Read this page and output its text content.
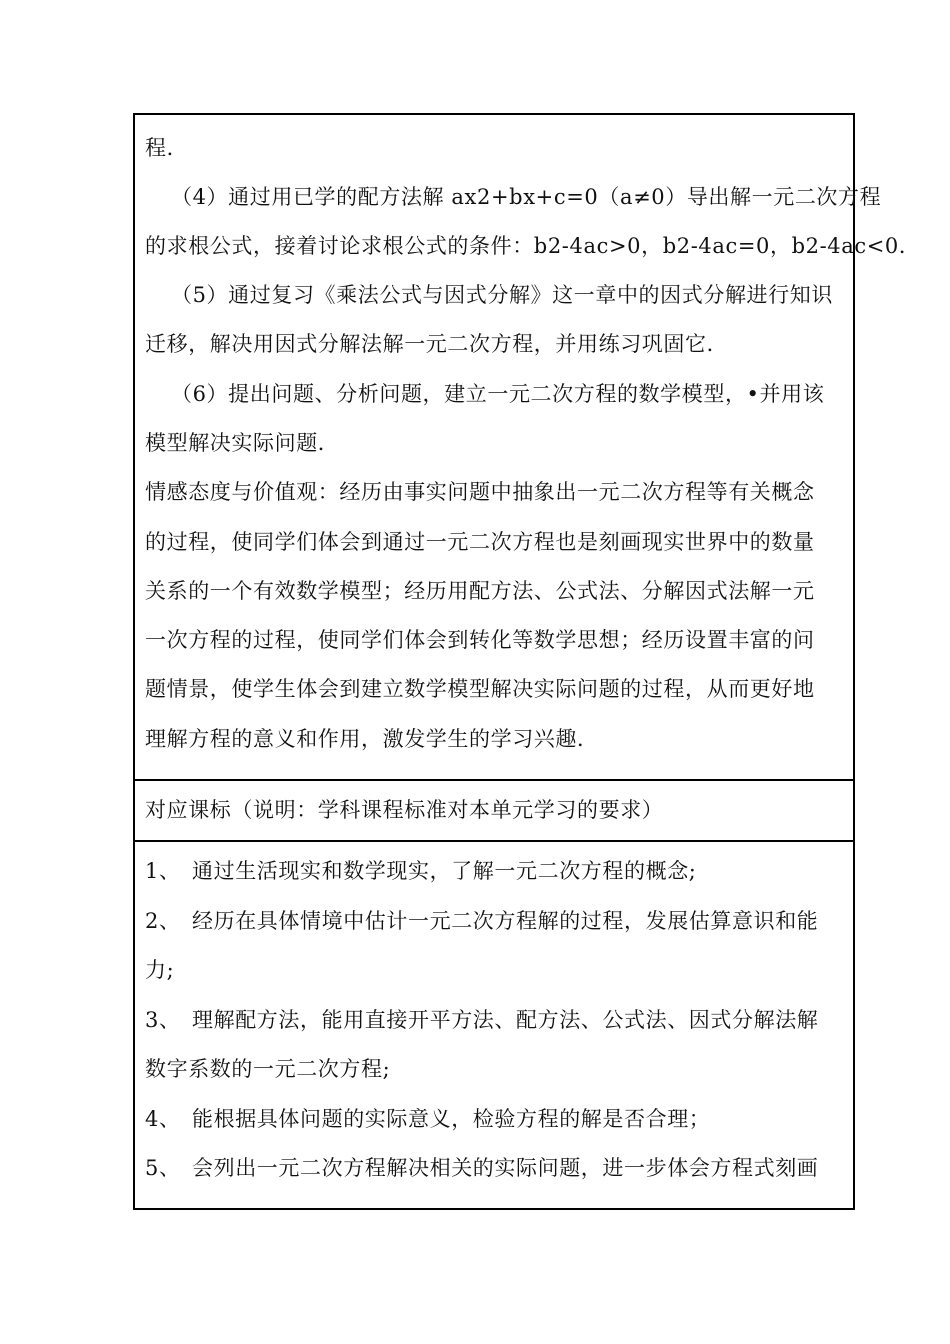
程．
（4）通过用已学的配方法解 ax2+bx+c=0（a≠0）导出解一元二次方程
的求根公式，接着讨论求根公式的条件：b2-4ac>0，b2-4ac=0，b2-4ac<0．
（5）通过复习《乘法公式与因式分解》这一章中的因式分解进行知识
迁移，解决用因式分解法解一元二次方程，并用练习巩固它．
（6）提出问题、分析问题，建立一元二次方程的数学模型，•并用该
模型解决实际问题．
情感态度与价值观：经历由事实问题中抽象出一元二次方程等有关概念
的过程，使同学们体会到通过一元二次方程也是刻画现实世界中的数量
关系的一个有效数学模型；经历用配方法、公式法、分解因式法解一元
一次方程的过程，使同学们体会到转化等数学思想；经历设置丰富的问
题情景，使学生体会到建立数学模型解决实际问题的过程，从而更好地
理解方程的意义和作用，激发学生的学习兴趣．
对应课标（说明：学科课程标准对本单元学习的要求）
1、 通过生活现实和数学现实，了解一元二次方程的概念;
2、 经历在具体情境中估计一元二次方程解的过程，发展估算意识和能
力;
3、 理解配方法，能用直接开平方法、配方法、公式法、因式分解法解
数字系数的一元二次方程;
4、 能根据具体问题的实际意义，检验方程的解是否合理；
5、 会列出一元二次方程解决相关的实际问题，进一步体会方程式刻画
